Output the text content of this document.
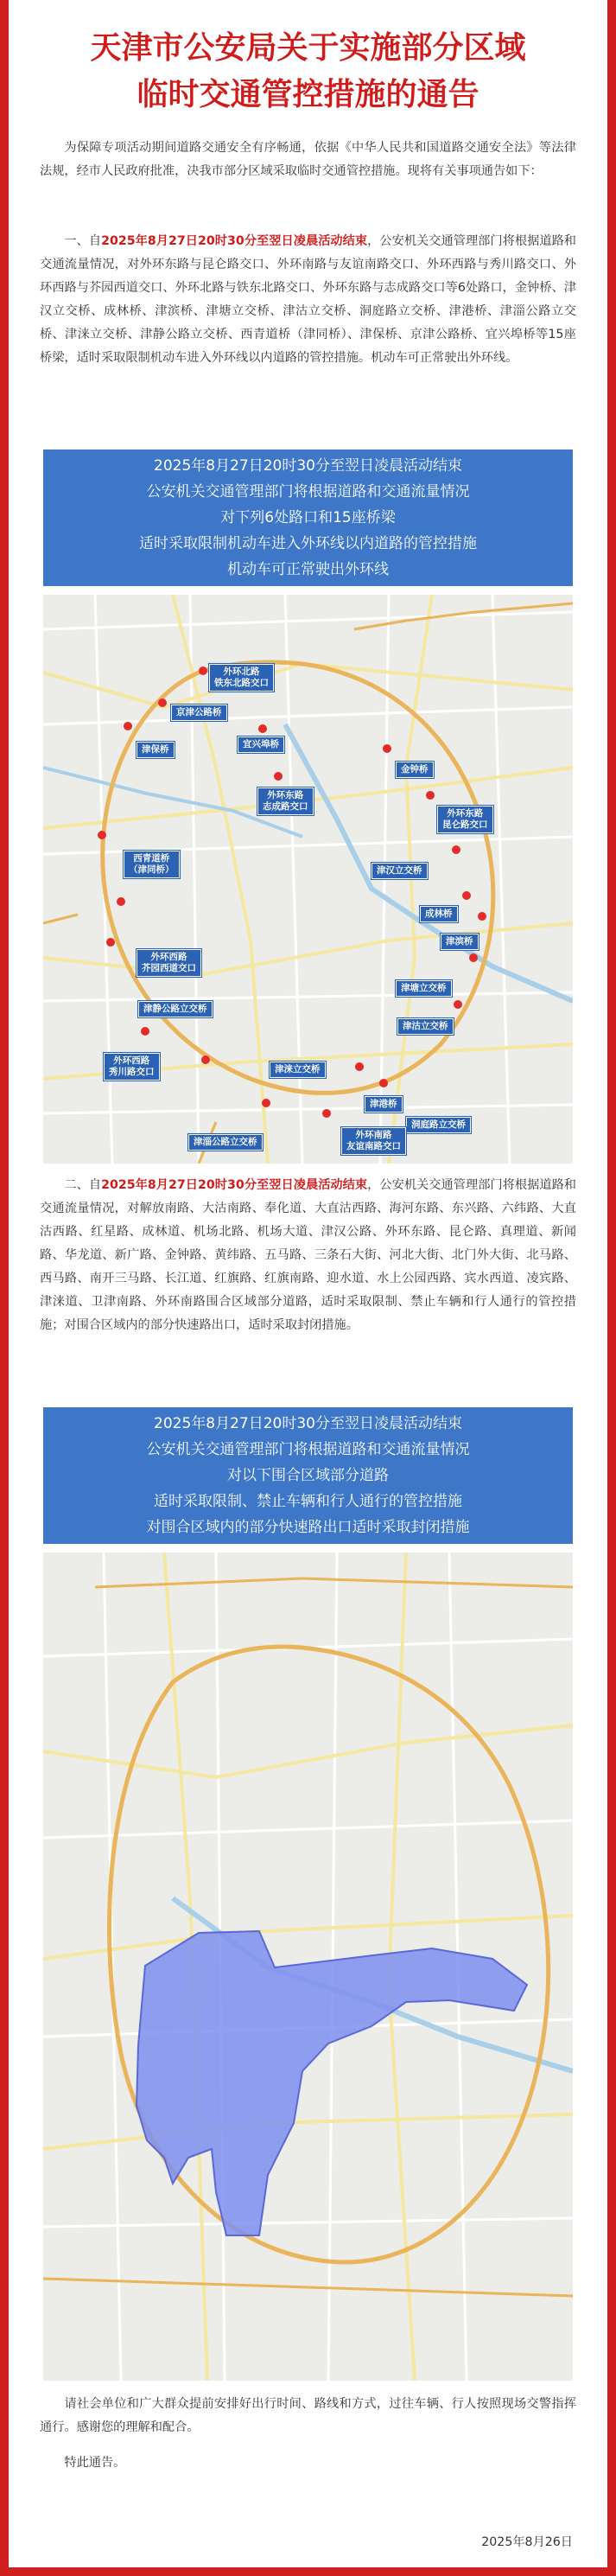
天津市公安局关于实施部分区域
临时交通管控措施的通告

为保障专项活动期间道路交通安全有序畅通，依据《中华人民共和国道路交通安全法》等法律法规，经市人民政府批准，决我市部分区域采取临时交通管控措施。现将有关事项通告如下：

一、自2025年8月27日20时30分至翌日凌晨活动结束，公安机关交通管理部门将根据道路和交通流量情况，对外环东路与昆仑路交口、外环南路与友谊南路交口、外环西路与秀川路交口、外环西路与芥园西道交口、外环北路与铁东北路交口、外环东路与志成路交口等6处路口，金钟桥、津汉立交桥、成林桥、津滨桥、津塘立交桥、津沽立交桥、洞庭路立交桥、津港桥、津淄公路立交桥、津涞立交桥、津静公路立交桥、西青道桥（津同桥）、津保桥、京津公路桥、宜兴埠桥等15座桥梁，适时采取限制机动车进入外环线以内道路的管控措施。机动车可正常驶出外环线。

2025年8月27日20时30分至翌日凌晨活动结束
公安机关交通管理部门将根据道路和交通流量情况
对下列6处路口和15座桥梁
适时采取限制机动车进入外环线以内道路的管控措施
机动车可正常驶出外环线
外环北路
铁东北路交口
京津公路桥
津保桥	宜兴埠桥
金钟桥
外环东路
志成路交口
外环东路
昆仑路交口
西青道桥
（津同桥）	津汉立交桥
成林桥
津滨桥
外环西路
芥园西道交口
津塘立交桥
津静公路立交桥
津沽立交桥
外环西路
秀川路交口	津涞立交桥
津港桥
洞庭路立交桥
津淄公路立交桥
外环南路
友谊南路交口

二、自2025年8月27日20时30分至翌日凌晨活动结束，公安机关交通管理部门将根据道路和交通流量情况，对解放南路、大沽南路、奉化道、大直沽西路、海河东路、东兴路、六纬路、大直沽西路、红星路、成林道、机场北路、机场大道、津汉公路、外环东路、昆仑路、真理道、新闻路、华龙道、新广路、金钟路、黄纬路、五马路、三条石大街、河北大街、北门外大街、北马路、西马路、南开三马路、长江道、红旗路、红旗南路、迎水道、水上公园西路、宾水西道、凌宾路、津涞道、卫津南路、外环南路围合区域部分道路，适时采取限制、禁止车辆和行人通行的管控措施；对围合区域内的部分快速路出口，适时采取封闭措施。

2025年8月27日20时30分至翌日凌晨活动结束
公安机关交通管理部门将根据道路和交通流量情况
对以下围合区域部分道路
适时采取限制、禁止车辆和行人通行的管控措施
对围合区域内的部分快速路出口适时采取封闭措施

请社会单位和广大群众提前安排好出行时间、路线和方式，过往车辆、行人按照现场交警指挥通行。感谢您的理解和配合。

特此通告。

2025年8月26日
